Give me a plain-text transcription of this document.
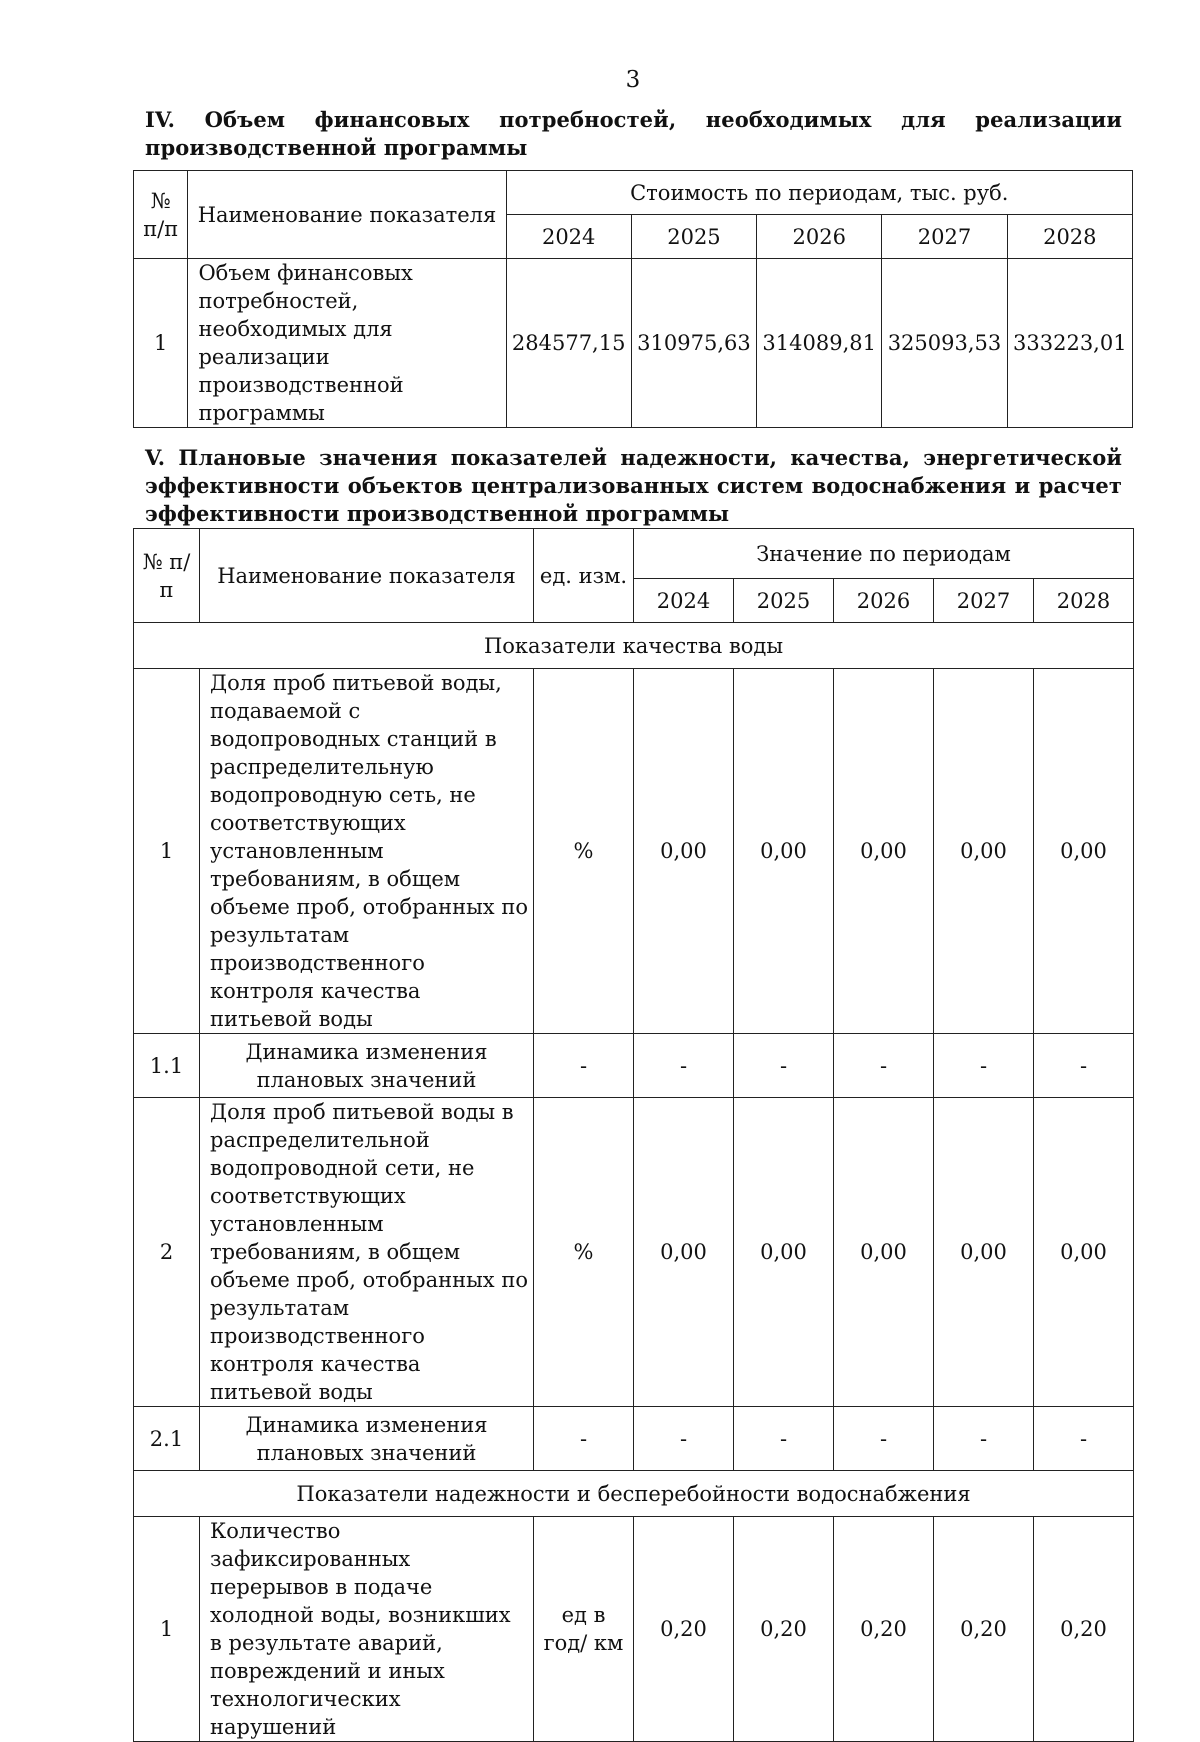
3
IV. Объем финансовых потребностей, необходимых для реализации производственной программы
№ п/п	Наименование показателя	Стоимость по периодам, тыс. руб.				
		2024	2025	2026	2027	2028
1	Объем финансовых потребностей, необходимых для реализации производственной программы	284577,15	310975,63	314089,81	325093,53	333223,01
V. Плановые значения показателей надежности, качества, энергетической эффективности объектов централизованных систем водоснабжения и расчет эффективности производственной программы
№ п/п	Наименование показателя	ед. изм.	Значение по периодам				
			2024	2025	2026	2027	2028
Показатели качества воды							
1	Доля проб питьевой воды, подаваемой с водопроводных станций в распределительную водопроводную сеть, не соответствующих установленным требованиям, в общем объеме проб, отобранных по результатам производственного контроля качества питьевой воды	%	0,00	0,00	0,00	0,00	0,00
1.1	Динамика изменения плановых значений	-	-	-	-	-	-
2	Доля проб питьевой воды в распределительной водопроводной сети, не соответствующих установленным требованиям, в общем объеме проб, отобранных по результатам производственного контроля качества питьевой воды	%	0,00	0,00	0,00	0,00	0,00
2.1	Динамика изменения плановых значений	-	-	-	-	-	-
Показатели надежности и бесперебойности водоснабжения							
1	Количество зафиксированных перерывов в подаче холодной воды, возникших в результате аварий, повреждений и иных технологических нарушений	ед в год/ км	0,20	0,20	0,20	0,20	0,20
